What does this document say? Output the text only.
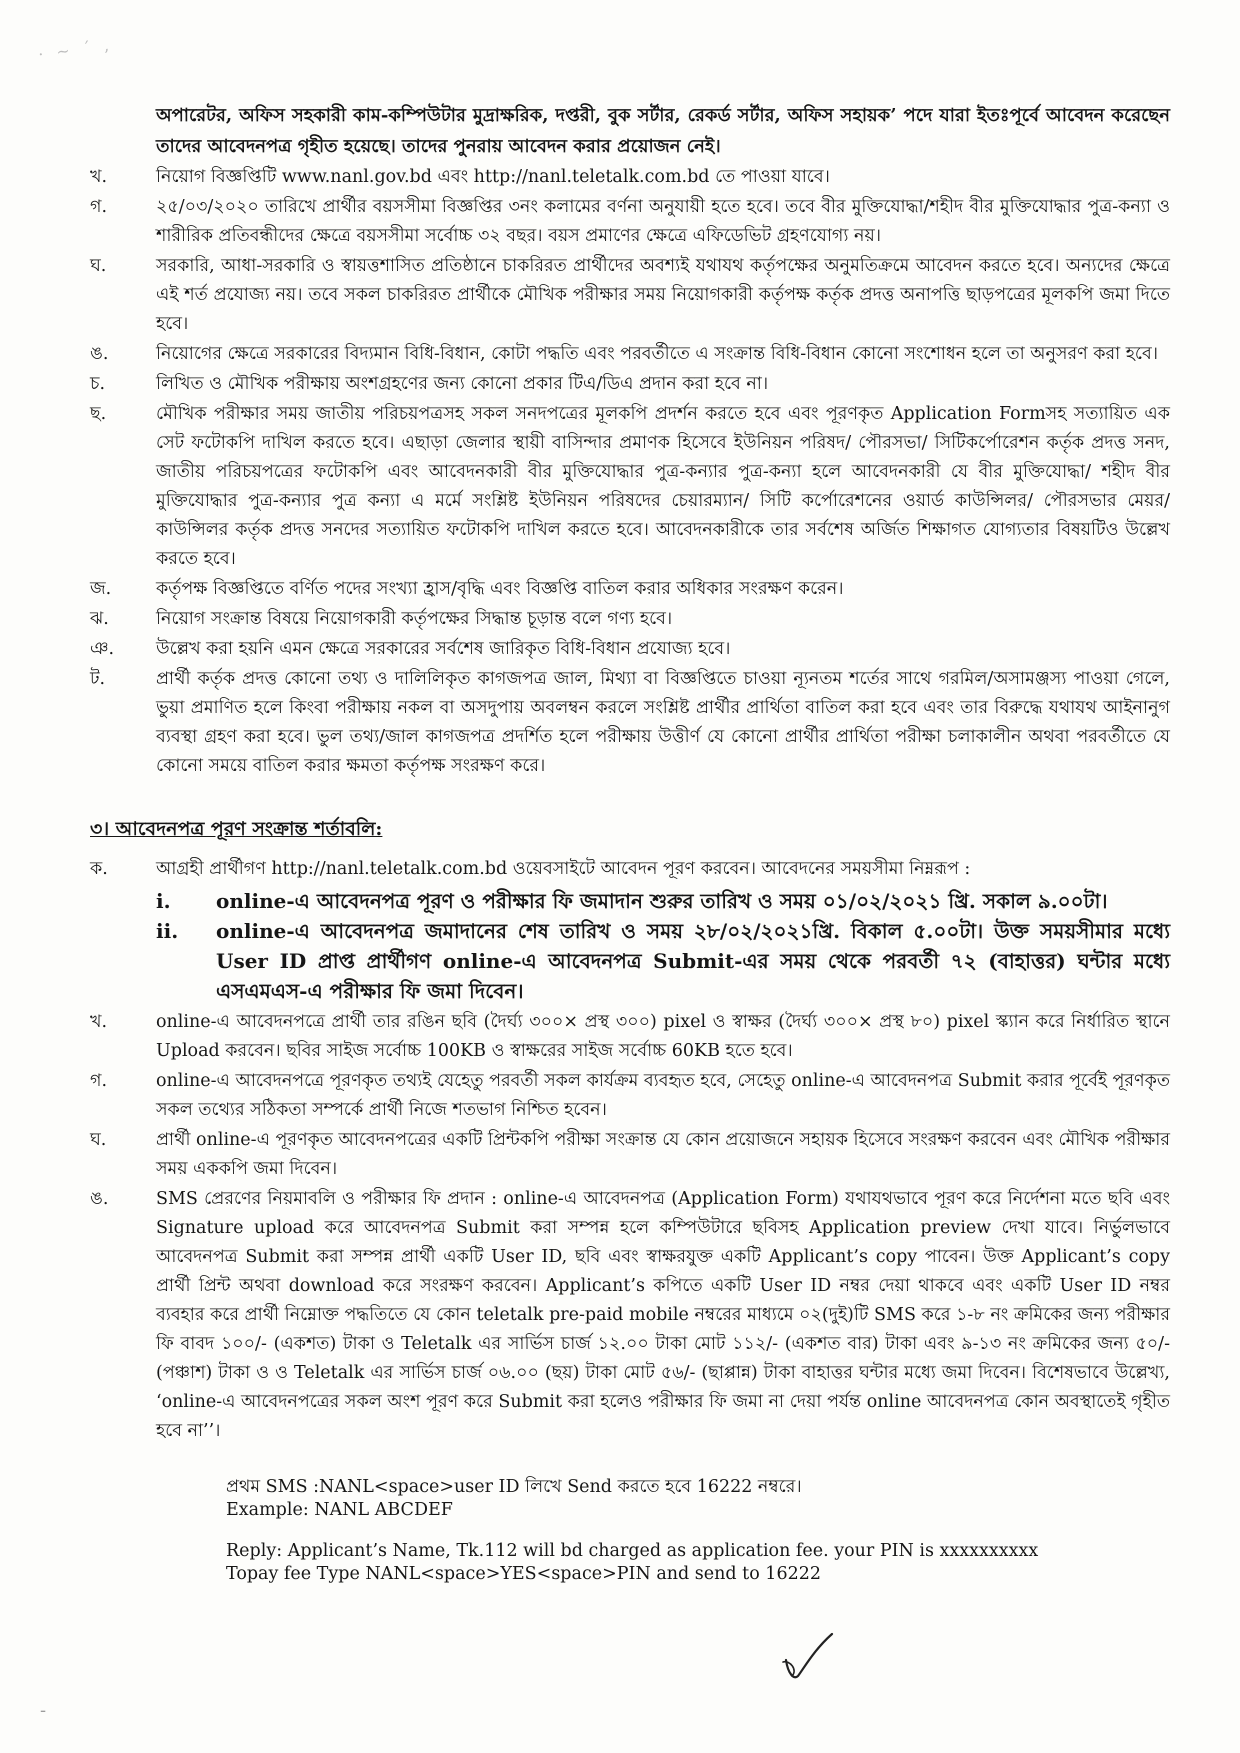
· ~ ´ ‚
অপারেটর, অফিস সহকারী কাম-কম্পিউটার মুদ্রাক্ষরিক, দপ্তরী, বুক সর্টার, রেকর্ড সর্টার, অফিস সহায়ক’ পদে যারা ইতঃপূর্বে আবেদন করেছেন তাদের আবেদনপত্র গৃহীত হয়েছে। তাদের পুনরায় আবেদন করার প্রয়োজন নেই।
খ.	নিয়োগ বিজ্ঞপ্তিটি www.nanl.gov.bd এবং http://nanl.teletalk.com.bd তে পাওয়া যাবে।

গ.	২৫/০৩/২০২০ তারিখে প্রার্থীর বয়সসীমা বিজ্ঞপ্তির ৩নং কলামের বর্ণনা অনুযায়ী হতে হবে। তবে বীর মুক্তিযোদ্ধা/শহীদ বীর মুক্তিযোদ্ধার পুত্র-কন্যা ও শারীরিক প্রতিবন্ধীদের ক্ষেত্রে বয়সসীমা সর্বোচ্চ ৩২ বছর। বয়স প্রমাণের ক্ষেত্রে এফিডেভিট গ্রহণযোগ্য নয়।

ঘ.	সরকারি, আধা-সরকারি ও স্বায়ত্তশাসিত প্রতিষ্ঠানে চাকরিরত প্রার্থীদের অবশ্যই যথাযথ কর্তৃপক্ষের অনুমতিক্রমে আবেদন করতে হবে। অন্যদের ক্ষেত্রে এই শর্ত প্রযোজ্য নয়। তবে সকল চাকরিরত প্রার্থীকে মৌখিক পরীক্ষার সময় নিয়োগকারী কর্তৃপক্ষ কর্তৃক প্রদত্ত অনাপত্তি ছাড়পত্রের মূলকপি জমা দিতে হবে।

ঙ.	নিয়োগের ক্ষেত্রে সরকারের বিদ্যমান বিধি-বিধান, কোটা পদ্ধতি এবং পরবর্তীতে এ সংক্রান্ত বিধি-বিধান কোনো সংশোধন হলে তা অনুসরণ করা হবে।

চ.	লিখিত ও মৌখিক পরীক্ষায় অংশগ্রহণের জন্য কোনো প্রকার টিএ/ডিএ প্রদান করা হবে না।

ছ.	মৌখিক পরীক্ষার সময় জাতীয় পরিচয়পত্রসহ সকল সনদপত্রের মূলকপি প্রদর্শন করতে হবে এবং পূরণকৃত Application Formসহ সত্যায়িত এক সেট ফটোকপি দাখিল করতে হবে। এছাড়া জেলার স্থায়ী বাসিন্দার প্রমাণক হিসেবে ইউনিয়ন পরিষদ/ পৌরসভা/ সিটিকর্পোরেশন কর্তৃক প্রদত্ত সনদ, জাতীয় পরিচয়পত্রের ফটোকপি এবং আবেদনকারী বীর মুক্তিযোদ্ধার পুত্র-কন্যার পুত্র-কন্যা হলে আবেদনকারী যে বীর মুক্তিযোদ্ধা/ শহীদ বীর মুক্তিযোদ্ধার পুত্র-কন্যার পুত্র কন্যা এ মর্মে সংশ্লিষ্ট ইউনিয়ন পরিষদের চেয়ারম্যান/ সিটি কর্পোরেশনের ওয়ার্ড কাউন্সিলর/ পৌরসভার মেয়র/ কাউন্সিলর কর্তৃক প্রদত্ত সনদের সত্যায়িত ফটোকপি দাখিল করতে হবে। আবেদনকারীকে তার সর্বশেষ অর্জিত শিক্ষাগত যোগ্যতার বিষয়টিও উল্লেখ করতে হবে।

জ.	কর্তৃপক্ষ বিজ্ঞপ্তিতে বর্ণিত পদের সংখ্যা হ্রাস/বৃদ্ধি এবং বিজ্ঞপ্তি বাতিল করার অধিকার সংরক্ষণ করেন।

ঝ.	নিয়োগ সংক্রান্ত বিষয়ে নিয়োগকারী কর্তৃপক্ষের সিদ্ধান্ত চূড়ান্ত বলে গণ্য হবে।

ঞ.	উল্লেখ করা হয়নি এমন ক্ষেত্রে সরকারের সর্বশেষ জারিকৃত বিধি-বিধান প্রযোজ্য হবে।

ট.	প্রার্থী কর্তৃক প্রদত্ত কোনো তথ্য ও দালিলিকৃত কাগজপত্র জাল, মিথ্যা বা বিজ্ঞপ্তিতে চাওয়া ন্যূনতম শর্তের সাথে গরমিল/অসামঞ্জস্য পাওয়া গেলে, ভুয়া প্রমাণিত হলে কিংবা পরীক্ষায় নকল বা অসদুপায় অবলম্বন করলে সংশ্লিষ্ট প্রার্থীর প্রার্থিতা বাতিল করা হবে এবং তার বিরুদ্ধে যথাযথ আইনানুগ ব্যবস্থা গ্রহণ করা হবে। ভুল তথ্য/জাল কাগজপত্র প্রদর্শিত হলে পরীক্ষায় উত্তীর্ণ যে কোনো প্রার্থীর প্রার্থিতা পরীক্ষা চলাকালীন অথবা পরবর্তীতে যে কোনো সময়ে বাতিল করার ক্ষমতা কর্তৃপক্ষ সংরক্ষণ করে।

৩। আবেদনপত্র পূরণ সংক্রান্ত শর্তাবলি:
ক.	আগ্রহী প্রার্থীগণ http://nanl.teletalk.com.bd ওয়েবসাইটে আবেদন পূরণ করবেন। আবেদনের সময়সীমা নিম্নরূপ :

i. online-এ আবেদনপত্র পূরণ ও পরীক্ষার ফি জমাদান শুরুর তারিখ ও সময় ০১/০২/২০২১ খ্রি. সকাল ৯.০০টা।
ii. online-এ আবেদনপত্র জমাদানের শেষ তারিখ ও সময় ২৮/০২/২০২১খ্রি. বিকাল ৫.০০টা। উক্ত সময়সীমার মধ্যে User ID প্রাপ্ত প্রার্থীগণ online-এ আবেদনপত্র Submit-এর সময় থেকে পরবর্তী ৭২ (বাহাত্তর) ঘন্টার মধ্যে এসএমএস-এ পরীক্ষার ফি জমা দিবেন।
খ.	online-এ আবেদনপত্রে প্রার্থী তার রঙিন ছবি (দৈর্ঘ্য ৩০০× প্রস্থ ৩০০) pixel ও স্বাক্ষর (দৈর্ঘ্য ৩০০× প্রস্থ ৮০) pixel স্ক্যান করে নির্ধারিত স্থানে Upload করবেন। ছবির সাইজ সর্বোচ্চ 100KB ও স্বাক্ষরের সাইজ সর্বোচ্চ 60KB হতে হবে।

গ.	online-এ আবেদনপত্রে পূরণকৃত তথ্যই যেহেতু পরবর্তী সকল কার্যক্রম ব্যবহৃত হবে, সেহেতু online-এ আবেদনপত্র Submit করার পূর্বেই পূরণকৃত সকল তথ্যের সঠিকতা সম্পর্কে প্রার্থী নিজে শতভাগ নিশ্চিত হবেন।

ঘ.	প্রার্থী online-এ পূরণকৃত আবেদনপত্রের একটি প্রিন্টকপি পরীক্ষা সংক্রান্ত যে কোন প্রয়োজনে সহায়ক হিসেবে সংরক্ষণ করবেন এবং মৌখিক পরীক্ষার সময় এককপি জমা দিবেন।

ঙ.	SMS প্রেরণের নিয়মাবলি ও পরীক্ষার ফি প্রদান : online-এ আবেদনপত্র (Application Form) যথাযথভাবে পূরণ করে নির্দেশনা মতে ছবি এবং Signature upload করে আবেদনপত্র Submit করা সম্পন্ন হলে কম্পিউটারে ছবিসহ Application preview দেখা যাবে। নির্ভুলভাবে আবেদনপত্র Submit করা সম্পন্ন প্রার্থী একটি User ID, ছবি এবং স্বাক্ষরযুক্ত একটি Applicant’s copy পাবেন। উক্ত Applicant’s copy প্রার্থী প্রিন্ট অথবা download করে সংরক্ষণ করবেন। Applicant’s কপিতে একটি User ID নম্বর দেয়া থাকবে এবং একটি User ID নম্বর ব্যবহার করে প্রার্থী নিম্নোক্ত পদ্ধতিতে যে কোন teletalk pre-paid mobile নম্বরের মাধ্যমে ০২(দুই)টি SMS করে ১-৮ নং ক্রমিকের জন্য পরীক্ষার ফি বাবদ ১০০/- (একশত) টাকা ও Teletalk এর সার্ভিস চার্জ ১২.০০ টাকা মোট ১১২/- (একশত বার) টাকা এবং ৯-১৩ নং ক্রমিকের জন্য ৫০/- (পঞ্চাশ) টাকা ও ও Teletalk এর সার্ভিস চার্জ ০৬.০০ (ছয়) টাকা মোট ৫৬/- (ছাপ্পান্ন) টাকা বাহাত্তর ঘন্টার মধ্যে জমা দিবেন। বিশেষভাবে উল্লেখ্য, ‘online-এ আবেদনপত্রের সকল অংশ পূরণ করে Submit করা হলেও পরীক্ষার ফি জমা না দেয়া পর্যন্ত online আবেদনপত্র কোন অবস্থাতেই গৃহীত হবে না’’।

প্রথম SMS :NANL<space>user ID লিখে Send করতে হবে 16222 নম্বরে।

Example: NANL ABCDEF

Reply: Applicant’s Name, Tk.112 will bd charged as application fee. your PIN is xxxxxxxxxx

Topay fee Type NANL<space>YES<space>PIN and send to 16222

-
